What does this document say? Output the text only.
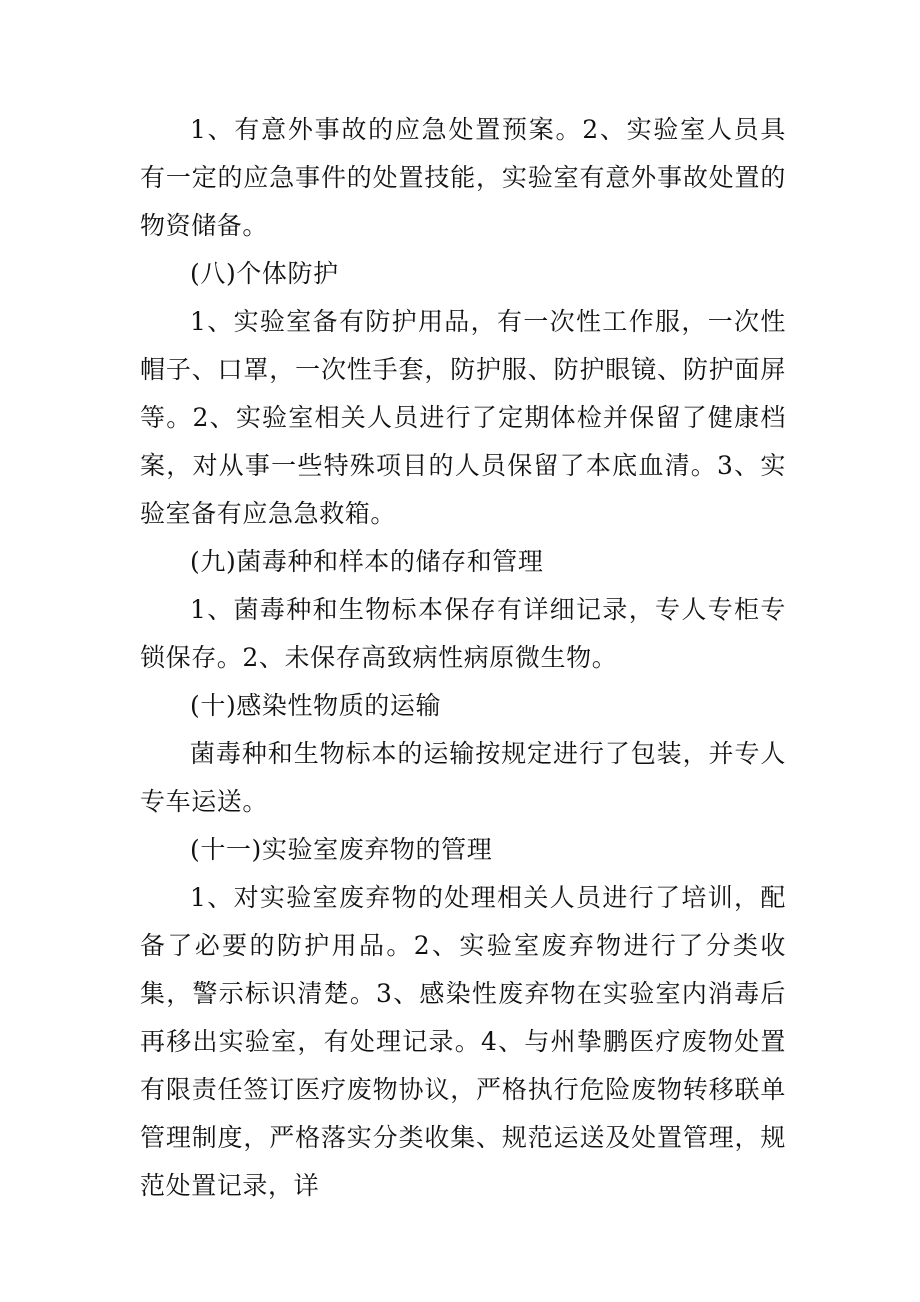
1、有意外事故的应急处置预案。2、实验室人员具有一定的应急事件的处置技能，实验室有意外事故处置的物资储备。

(八)个体防护

1、实验室备有防护用品，有一次性工作服，一次性帽子、口罩，一次性手套，防护服、防护眼镜、防护面屏等。2、实验室相关人员进行了定期体检并保留了健康档案，对从事一些特殊项目的人员保留了本底血清。3、实验室备有应急急救箱。

(九)菌毒种和样本的储存和管理

1、菌毒种和生物标本保存有详细记录，专人专柜专锁保存。2、未保存高致病性病原微生物。

(十)感染性物质的运输

菌毒种和生物标本的运输按规定进行了包装，并专人专车运送。

(十一)实验室废弃物的管理

1、对实验室废弃物的处理相关人员进行了培训，配备了必要的防护用品。2、实验室废弃物进行了分类收集，警示标识清楚。3、感染性废弃物在实验室内消毒后再移出实验室，有处理记录。4、与州挚鹏医疗废物处置有限责任签订医疗废物协议，严格执行危险废物转移联单管理制度，严格落实分类收集、规范运送及处置管理，规范处置记录，详
